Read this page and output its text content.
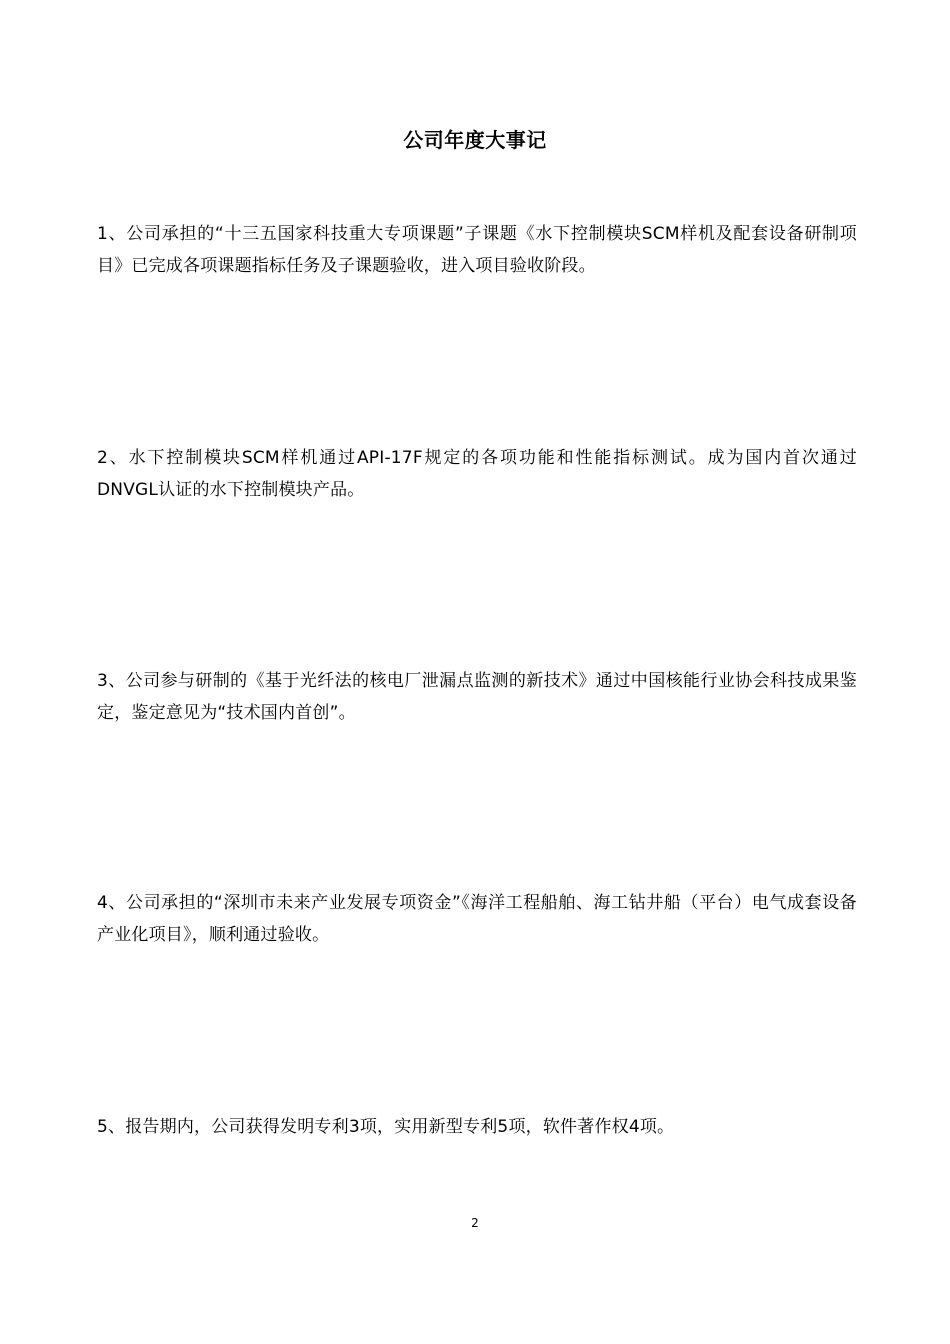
公司年度大事记
1、公司承担的“十三五国家科技重大专项课题”子课题《水下控制模块SCM样机及配套设备研制项目》已完成各项课题指标任务及子课题验收，进入项目验收阶段。
2、水下控制模块SCM样机通过API-17F规定的各项功能和性能指标测试。成为国内首次通过DNVGL认证的水下控制模块产品。
3、公司参与研制的《基于光纤法的核电厂泄漏点监测的新技术》通过中国核能行业协会科技成果鉴定，鉴定意见为“技术国内首创”。
4、公司承担的“深圳市未来产业发展专项资金”《海洋工程船舶、海工钻井船（平台）电气成套设备产业化项目》，顺利通过验收。
5、报告期内，公司获得发明专利3项，实用新型专利5项，软件著作权4项。
2
